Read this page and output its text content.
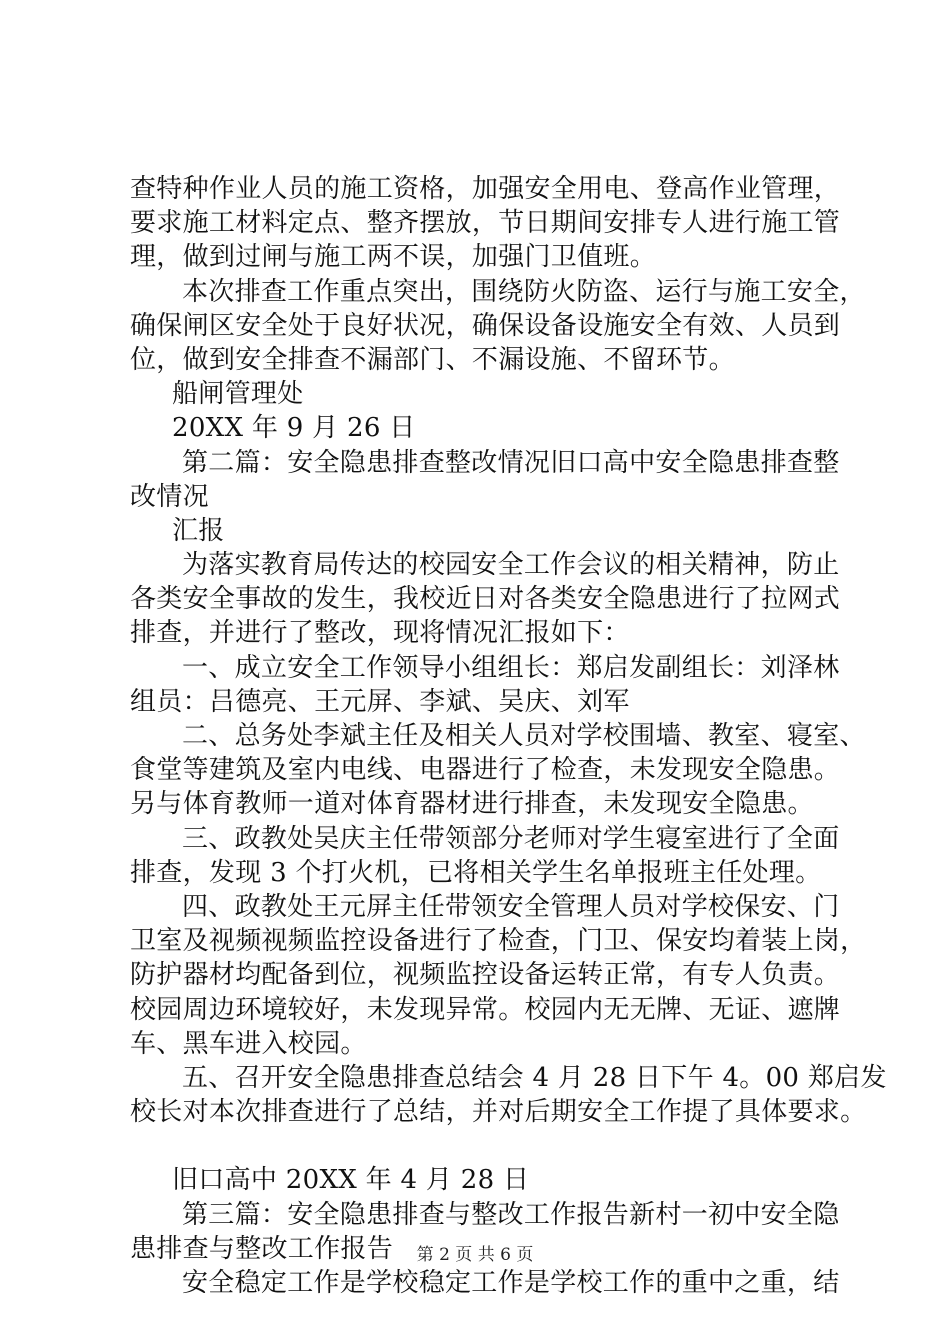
查特种作业人员的施工资格，加强安全用电、登高作业管理，
要求施工材料定点、整齐摆放，节日期间安排专人进行施工管
理，做到过闸与施工两不误，加强门卫值班。
本次排查工作重点突出，围绕防火防盗、运行与施工安全，
确保闸区安全处于良好状况，确保设备设施安全有效、人员到
位，做到安全排查不漏部门、不漏设施、不留环节。
船闸管理处
20XX 年 9 月 26 日
第二篇：安全隐患排查整改情况旧口高中安全隐患排查整
改情况
汇报
为落实教育局传达的校园安全工作会议的相关精神，防止
各类安全事故的发生，我校近日对各类安全隐患进行了拉网式
排查，并进行了整改，现将情况汇报如下：
一、成立安全工作领导小组组长：郑启发副组长：刘泽林
组员：吕德亮、王元屏、李斌、吴庆、刘军
二、总务处李斌主任及相关人员对学校围墙、教室、寝室、
食堂等建筑及室内电线、电器进行了检查，未发现安全隐患。
另与体育教师一道对体育器材进行排查，未发现安全隐患。
三、政教处吴庆主任带领部分老师对学生寝室进行了全面
排查，发现 3 个打火机，已将相关学生名单报班主任处理。
四、政教处王元屏主任带领安全管理人员对学校保安、门
卫室及视频视频监控设备进行了检查，门卫、保安均着装上岗，
防护器材均配备到位，视频监控设备运转正常，有专人负责。
校园周边环境较好，未发现异常。校园内无无牌、无证、遮牌
车、黑车进入校园。
五、召开安全隐患排查总结会 4 月 28 日下午 4。00 郑启发
校长对本次排查进行了总结，并对后期安全工作提了具体要求。
旧口高中 20XX 年 4 月 28 日
第三篇：安全隐患排查与整改工作报告新村一初中安全隐
患排查与整改工作报告
安全稳定工作是学校稳定工作是学校工作的重中之重，结
第 2 页 共 6 页
